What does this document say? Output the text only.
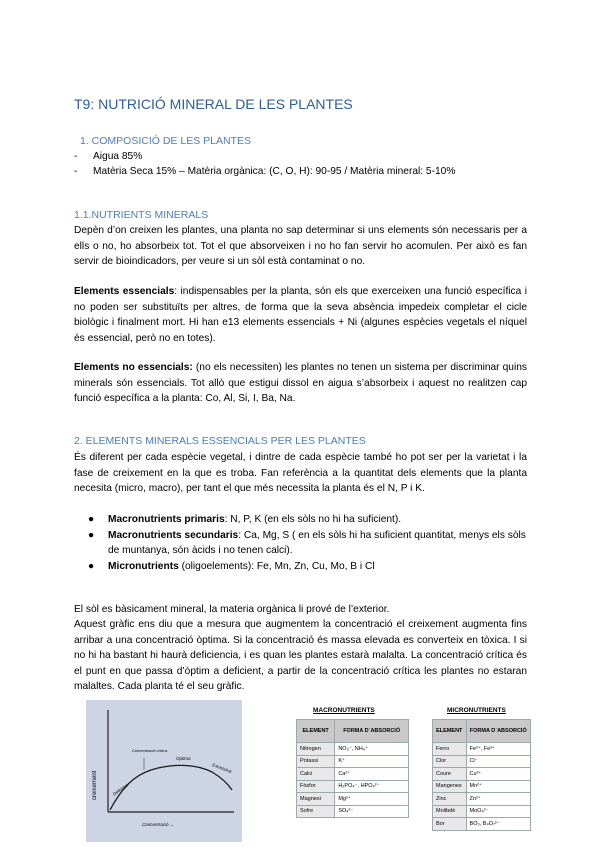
T9: NUTRICIÓ MINERAL DE LES PLANTES
1. COMPOSICIÓ DE LES PLANTES
- Aigua 85%
- Matèria Seca 15% – Matèria orgànica: (C, O, H): 90-95 / Matèria mineral: 5-10%
1.1.NUTRIENTS MINERALS

Depèn d’on creixen les plantes, una planta no sap determinar si uns elements són necessaris per a ells o no, ho absorbeix tot. Tot el que absorveixen i no ho fan servir ho acomulen. Per això es fan servir de bioindicadors, per veure si un sòl està contaminat o no.

Elements essencials: indispensables per la planta, són els que exerceixen una funció específica i no poden ser substituïts per altres, de forma que la seva absència impedeix completar el cicle biològic i finalment mort. Hi han e13 elements essencials + Ni (algunes espècies vegetals el níquel és essencial, però no en totes).

Elements no essencials: (no els necessiten) les plantes no tenen un sistema per discriminar quins minerals són essencials. Tot allò que estigui dissol en aigua s’absorbeix i aquest no realitzen cap funció específica a la planta: Co, Al, Si, I, Ba, Na.

2. ELEMENTS MINERALS ESSENCIALS PER LES PLANTES

És diferent per cada espècie vegetal, i dintre de cada espècie també ho pot ser per la varietat i la fase de creixement en la que es troba. Fan referència a la quantitat dels elements que la planta necesita (micro, macro), per tant el que més necessita la planta és el N, P i K.

● Macronutrients primaris: N, P, K (en els sòls no hi ha suficient).
● Macronutrients secundaris: Ca, Mg, S ( en els sòls hi ha suficient quantitat, menys els sòls de muntanya, són àcids i no tenen calci).
● Micronutrients (oligoelements): Fe, Mn, Zn, Cu, Mo, B i Cl

El sòl es bàsicament mineral, la materia orgànica li prové de l’exterior.

Aquest gràfic ens diu que a mesura que augmentem la concentració el creixement augmenta fins arribar a una concentració òptima. Si la concentració és massa elevada es converteix en tòxica. I si no hi ha bastant hi haurà deficiencia, i es quan les plantes estarà malalta. La concentració crítica és el punt en que passa d’òptim a deficient, a partir de la concentració crítica les plantes no estaran malaltes. Cada planta té el seu gràfic.

creixement
Concentració →
Deficient
Concentració crítica
Òptima
Excessiva
MACRONUTRIENTS
ELEMENT	FORMA D´ABSORCIÓ
Nitrogen	NO₃⁻, NH₄⁺
Potassi	K⁺
Calci	Ca²⁺
Fòsfor	H₂PO₄⁻, HPO₄²⁻
Magnesi	Mg²⁺
Sofre	SO₄²⁻
MICRONUTRIENTS
ELEMENT	FORMA D´ABSORCIÓ
Ferro	Fe²⁺, Fe³⁺
Clor	Cl⁻
Coure	Cu²⁺
Mangenes	Mn²⁺
Zinc	Zn²⁺
Molibdè	MoO₄²⁻
Bor	BO₃, B₄O₇²⁻
